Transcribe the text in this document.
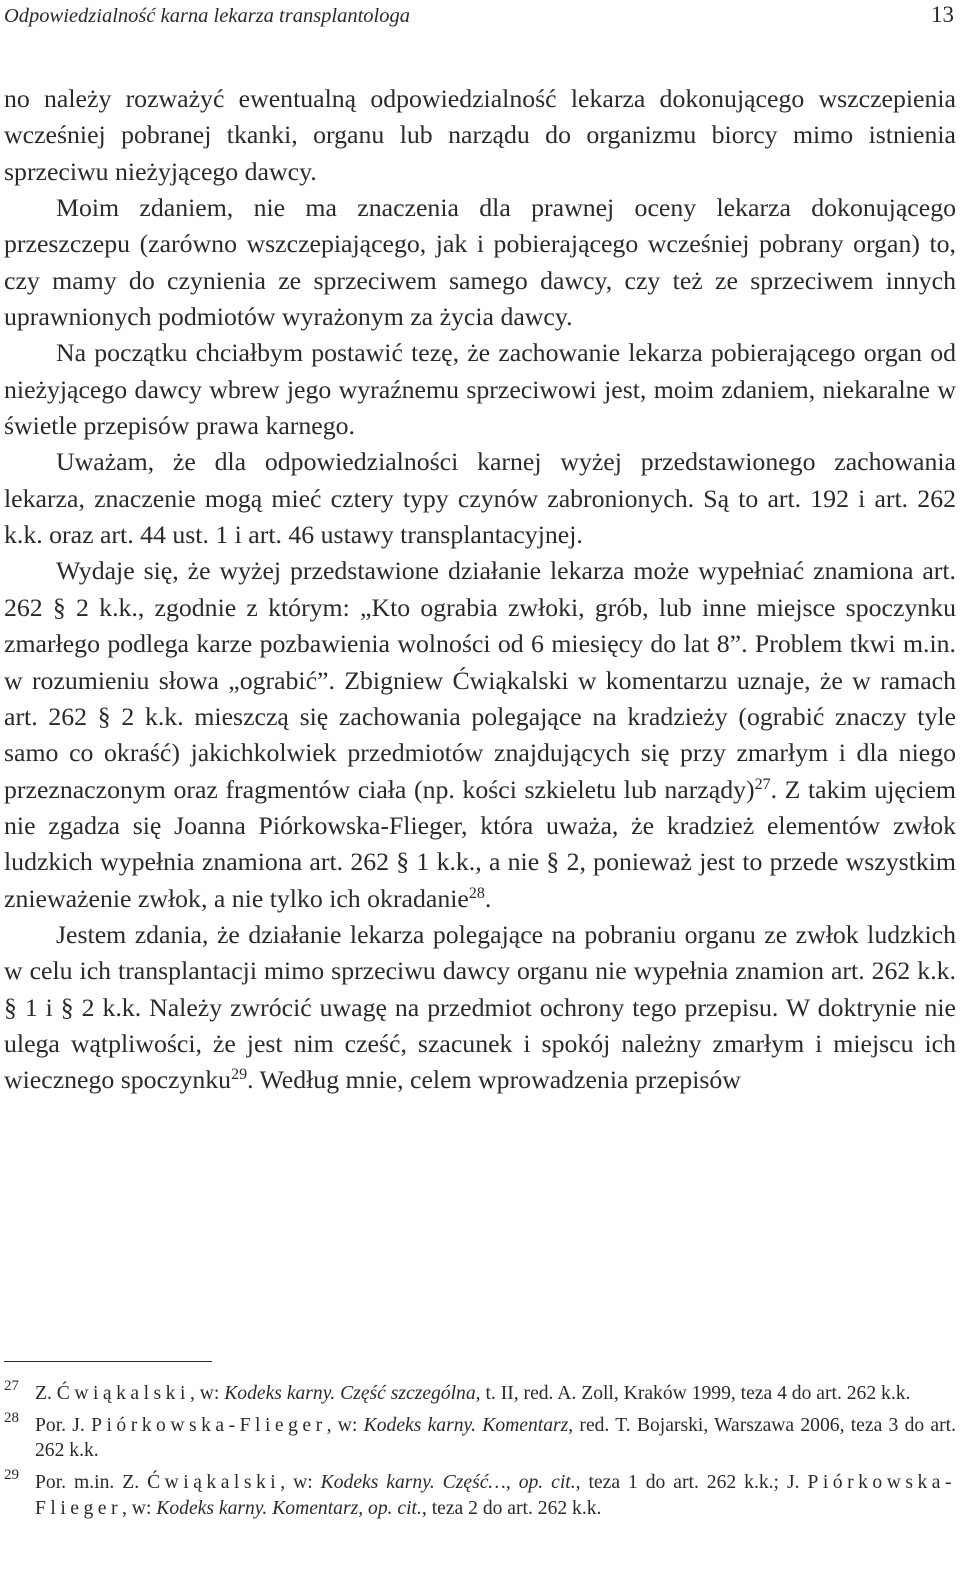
Odpowiedzialność karna lekarza transplantologa	13

no należy rozważyć ewentualną odpowiedzialność lekarza dokonującego wszczepienia wcześniej pobranej tkanki, organu lub narządu do organizmu biorcy mimo istnienia sprzeciwu nieżyjącego dawcy.

Moim zdaniem, nie ma znaczenia dla prawnej oceny lekarza dokonującego przeszczepu (zarówno wszczepiającego, jak i pobierającego wcześniej pobrany organ) to, czy mamy do czynienia ze sprzeciwem samego dawcy, czy też ze sprzeciwem innych uprawnionych podmiotów wyrażonym za życia dawcy.

Na początku chciałbym postawić tezę, że zachowanie lekarza pobierającego organ od nieżyjącego dawcy wbrew jego wyraźnemu sprzeciwowi jest, moim zdaniem, niekaralne w świetle przepisów prawa karnego.

Uważam, że dla odpowiedzialności karnej wyżej przedstawionego zachowania lekarza, znaczenie mogą mieć cztery typy czynów zabronionych. Są to art. 192 i art. 262 k.k. oraz art. 44 ust. 1 i art. 46 ustawy transplantacyjnej.

Wydaje się, że wyżej przedstawione działanie lekarza może wypełniać znamiona art. 262 § 2 k.k., zgodnie z którym: „Kto ograbia zwłoki, grób, lub inne miejsce spoczynku zmarłego podlega karze pozbawienia wolności od 6 miesięcy do lat 8”. Problem tkwi m.in. w rozumieniu słowa „ograbić”. Zbigniew Ćwiąkalski w komentarzu uznaje, że w ramach art. 262 § 2 k.k. mieszczą się zachowania polegające na kradzieży (ograbić znaczy tyle samo co okraść) jakichkolwiek przedmiotów znajdujących się przy zmarłym i dla niego przeznaczonym oraz fragmentów ciała (np. kości szkieletu lub narządy)$^{27}$. Z takim ujęciem nie zgadza się Joanna Piórkowska-Flieger, która uważa, że kradzież elementów zwłok ludzkich wypełnia znamiona art. 262 § 1 k.k., a nie § 2, ponieważ jest to przede wszystkim znieważenie zwłok, a nie tylko ich okradanie$^{28}$.

Jestem zdania, że działanie lekarza polegające na pobraniu organu ze zwłok ludzkich w celu ich transplantacji mimo sprzeciwu dawcy organu nie wypełnia znamion art. 262 k.k. § 1 i § 2 k.k. Należy zwrócić uwagę na przedmiot ochrony tego przepisu. W doktrynie nie ulega wątpliwości, że jest nim cześć, szacunek i spokój należny zmarłym i miejscu ich wiecznego spoczynku$^{29}$. Według mnie, celem wprowadzenia przepisów

27 Z. Ćwiąkalski, w: Kodeks karny. Część szczególna, t. II, red. A. Zoll, Kraków 1999, teza 4 do art. 262 k.k.

28 Por. J. Piórkowska-Flieger, w: Kodeks karny. Komentarz, red. T. Bojarski, Warszawa 2006, teza 3 do art. 262 k.k.

29 Por. m.in. Z. Ćwiąkalski, w: Kodeks karny. Część…, op. cit., teza 1 do art. 262 k.k.; J. Piórkowska-Flieger, w: Kodeks karny. Komentarz, op. cit., teza 2 do art. 262 k.k.
